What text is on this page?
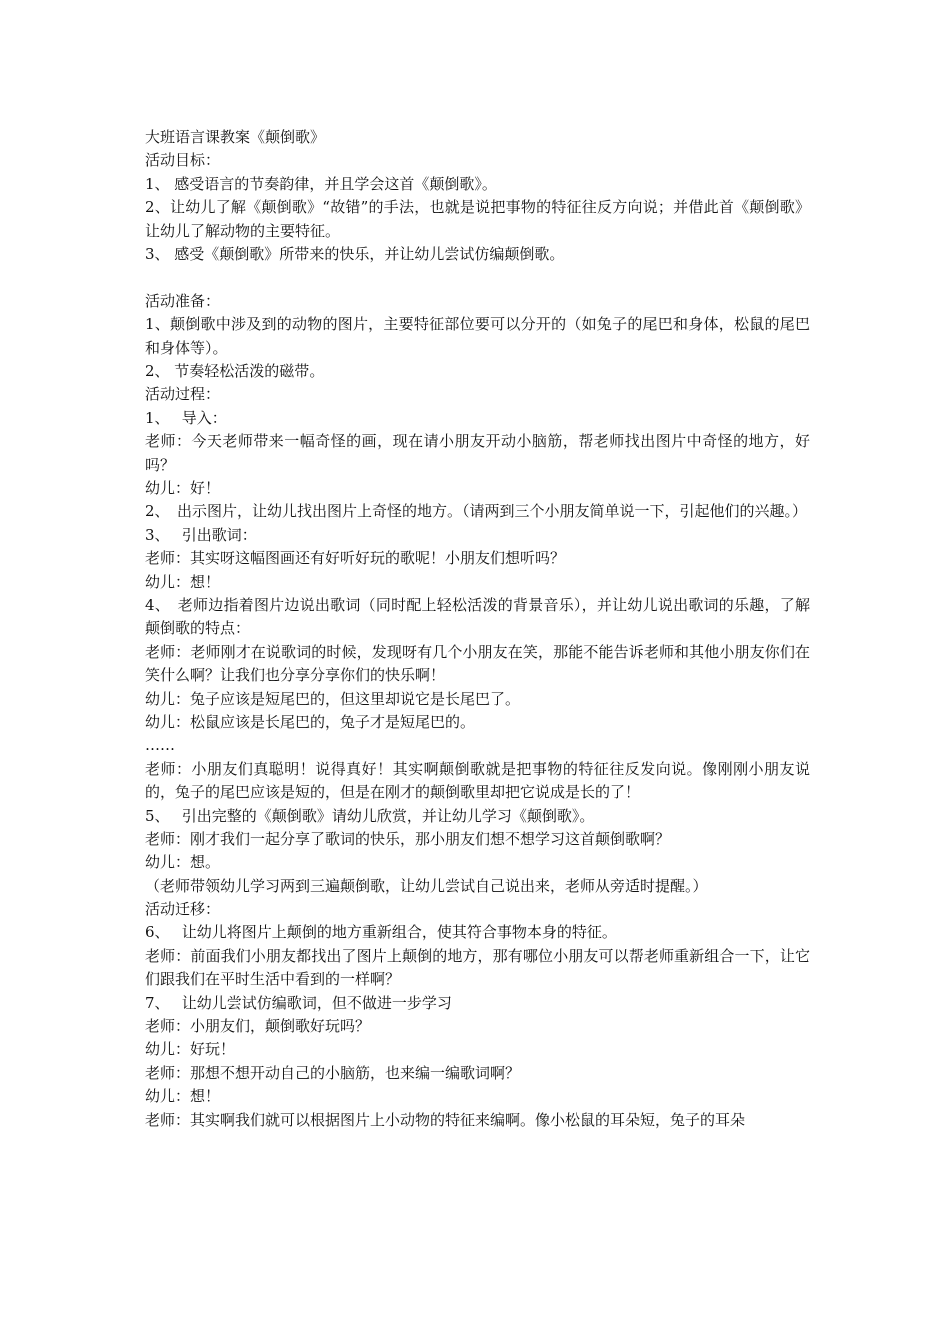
大班语言课教案《颠倒歌》
活动目标：
1、 感受语言的节奏韵律，并且学会这首《颠倒歌》。
2、让幼儿了解《颠倒歌》“故错”的手法，也就是说把事物的特征往反方向说；并借此首《颠倒歌》让幼儿了解动物的主要特征。
3、 感受《颠倒歌》所带来的快乐，并让幼儿尝试仿编颠倒歌。
活动准备：
1、颠倒歌中涉及到的动物的图片，主要特征部位要可以分开的（如兔子的尾巴和身体，松鼠的尾巴和身体等）。
2、 节奏轻松活泼的磁带。
活动过程：
1、　 导入：
老师：今天老师带来一幅奇怪的画，现在请小朋友开动小脑筋，帮老师找出图片中奇怪的地方，好吗？
幼儿：好！
2、　出示图片，让幼儿找出图片上奇怪的地方。（请两到三个小朋友简单说一下，引起他们的兴趣。）
3、　 引出歌词：
老师：其实呀这幅图画还有好听好玩的歌呢！小朋友们想听吗？
幼儿：想！
4、　老师边指着图片边说出歌词（同时配上轻松活泼的背景音乐），并让幼儿说出歌词的乐趣，了解颠倒歌的特点：
老师：老师刚才在说歌词的时候，发现呀有几个小朋友在笑，那能不能告诉老师和其他小朋友你们在笑什么啊？让我们也分享分享你们的快乐啊！
幼儿：兔子应该是短尾巴的，但这里却说它是长尾巴了。
幼儿：松鼠应该是长尾巴的，兔子才是短尾巴的。
……
老师：小朋友们真聪明！说得真好！其实啊颠倒歌就是把事物的特征往反发向说。像刚刚小朋友说的，兔子的尾巴应该是短的，但是在刚才的颠倒歌里却把它说成是长的了！
5、　 引出完整的《颠倒歌》请幼儿欣赏，并让幼儿学习《颠倒歌》。
老师：刚才我们一起分享了歌词的快乐，那小朋友们想不想学习这首颠倒歌啊？
幼儿：想。
（老师带领幼儿学习两到三遍颠倒歌，让幼儿尝试自己说出来，老师从旁适时提醒。）
活动迁移：
6、　 让幼儿将图片上颠倒的地方重新组合，使其符合事物本身的特征。
老师：前面我们小朋友都找出了图片上颠倒的地方，那有哪位小朋友可以帮老师重新组合一下，让它们跟我们在平时生活中看到的一样啊？
7、　 让幼儿尝试仿编歌词，但不做进一步学习
老师：小朋友们，颠倒歌好玩吗？
幼儿：好玩！
老师：那想不想开动自己的小脑筋，也来编一编歌词啊？
幼儿：想！
老师：其实啊我们就可以根据图片上小动物的特征来编啊。像小松鼠的耳朵短，兔子的耳朵
